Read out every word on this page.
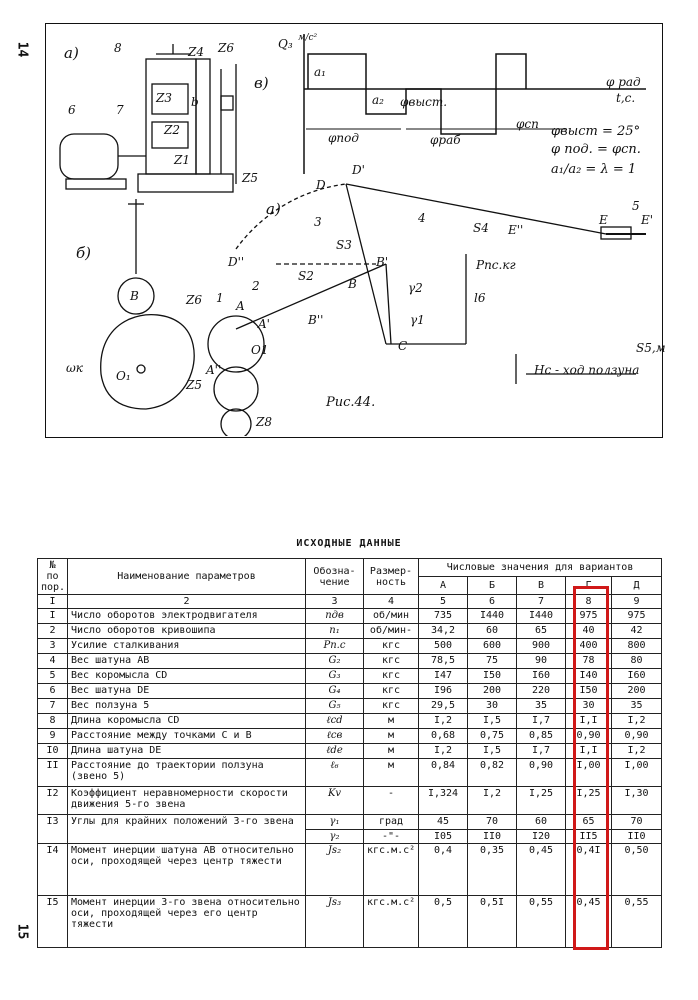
14
15
а)	8	Z4 Z6
Z3
Z2
Z1
Z5
6	7
b
Q₃ м/с²
в)
a₁
a₂ φвыст.
φпод	φраб
φсп
φ рад
t,c.
φвыст = 25°
φ под. = φсп.
a₁/a₂ = λ = 1
б)
B
O₁
ωк
а)
D
D'
D''
E	E'
E''
3	4
5
1
2
S3
S4
S2
B
B'
B''
A
A'
A''
O1	C
γ1
γ2
l6
Pпс.кг
Z6
Z5
Z8
Hс - ход ползуна
S5,м
Рис.44.
ИСХОДНЫЕ ДАННЫЕ
№ по пор.	Наименование параметров	Обозна- чение	Размер- ность	Числовые значения для вариантов				
				А	Б	В	Г	Д
I	2	3	4	5	6	7	8	9
I	Число оборотов электродвигателя	nдв	об/мин	735	I440	I440	975	975
2	Число оборотов кривошипа	n₁	об/мин-	34,2	60	65	40	42
3	Усилие сталкивания	Pп.с	кгс	500	600	900	400	800
4	Вес шатуна AB	G₂	кгс	78,5	75	90	78	80
5	Вес коромысла CD	G₃	кгс	I47	I50	I60	I40	I60
6	Вес шатуна DE	G₄	кгс	I96	200	220	I50	200
7	Вес ползуна 5	G₅	кгс	29,5	30	35	30	35
8	Длина коромысла CD	ℓcd	м	I,2	I,5	I,7	I,I	I,2
9	Расстояние между точками C и B	ℓcв	м	0,68	0,75	0,85	0,90	0,90
I0	Длина шатуна DE	ℓde	м	I,2	I,5	I,7	I,I	I,2
II	Расстояние до траектории ползуна (звено 5)	ℓ₆	м	0,84	0,82	0,90	I,00	I,00
I2	Коэффициент неравномерности скорости движения 5-го звена	Kv	-	I,324	I,2	I,25	I,25	I,30
I3	Углы для крайних положений 3-го звена	γ₁	град	45	70	60	65	70
		γ₂	-"-	I05	II0	I20	II5	II0
I4	Момент инерции шатуна AB относительно оси, проходящей через центр тяжести	Js₂	кгс.м.с²	0,4	0,35	0,45	0,4I	0,50
I5	Момент инерции 3-го звена относительно оси, проходящей через его центр тяжести	Js₃	кгс.м.с²	0,5	0,5I	0,55	0,45	0,55
